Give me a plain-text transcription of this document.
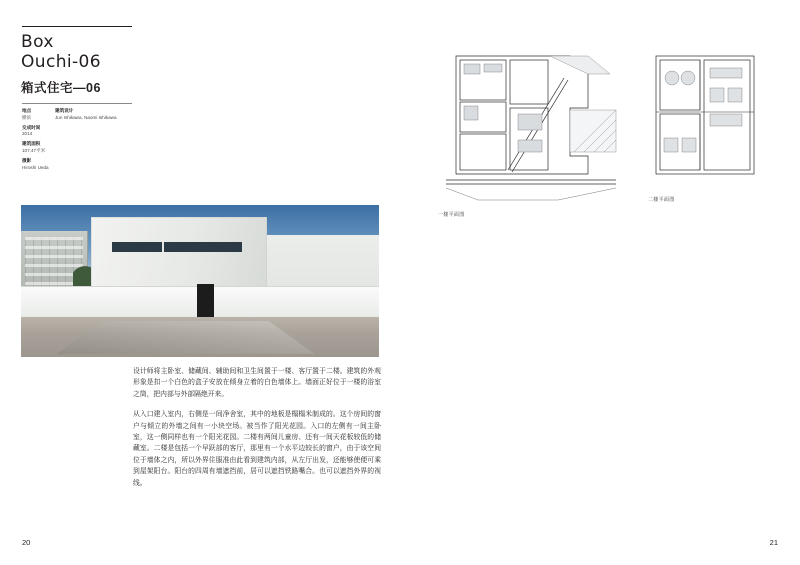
Box
Ouchi-06
箱式住宅—06
地点
横滨
交成时间
2014
建筑面积
107.47平米
摄影
Hiroshi Ueda
建筑设计
Jun Ishikawa, Naomi Ishikawa

设计师将主卧室、储藏间、辅助间和卫生间置于一楼、客厅置于二楼。建筑的外观形象是扣一个白色的盒子安放在倾身立着的白色墙体上。墙面正好位于一楼的浴室之筒，把内部与外部隔绝开来。

从入口建入室内，右侧是一间净舍室，其中的地板是榻榻米制成的。这个房间的窗户与倾立的外墙之间有一小块空场。被当作了阳光花园。入口的左侧有一间主卧室，这一侧同样也有一个阳光花园。二楼有两间儿童房、还有一间天花板较低的储藏室。二楼是包括一个早跃部的客厅，那里有一个水平边较长的窗户，由于该空间位于墙体之内，所以外界住服准由此看到建筑内部，从左厅出发，还能够使便可乘到屋架阳台。阳台的四周有墙遮挡前，居可以遮挡铁路嘴合。也可以遮挡外界的视线。

20
一楼平面图
二楼平面图
21
